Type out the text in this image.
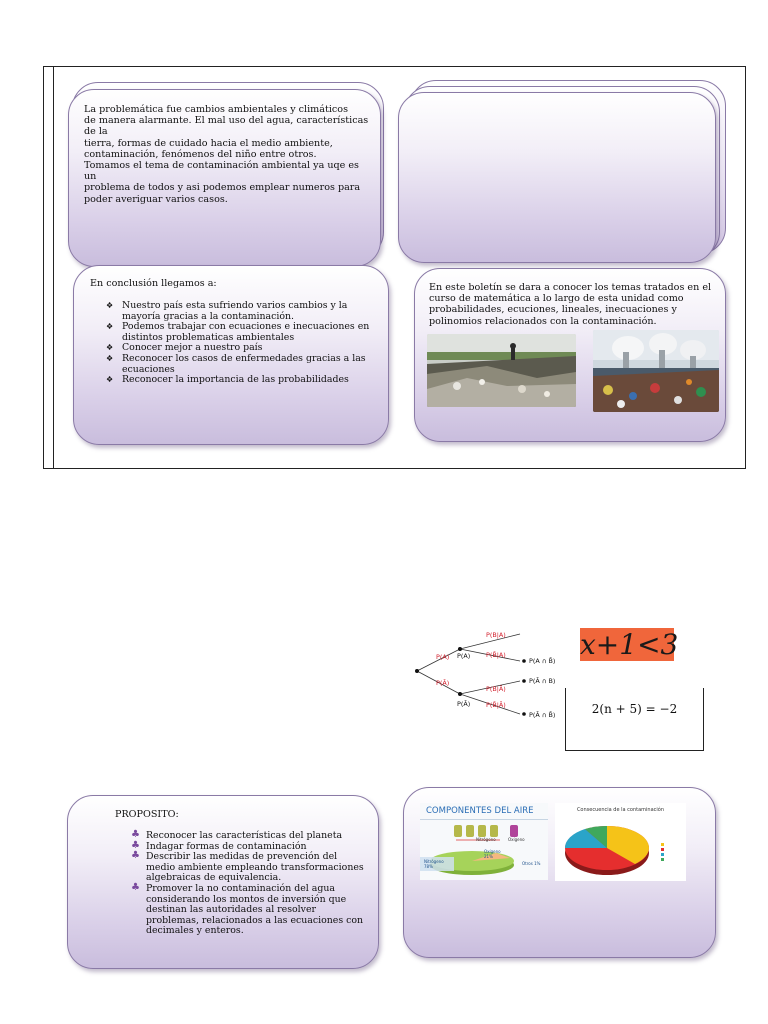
La problemática fue cambios ambientales y climáticos
de manera alarmante. El mal uso del agua, características de la
tierra, formas de cuidado hacia el medio ambiente,
contaminación, fenómenos del niño entre otros.
Tomamos el tema de contaminación ambiental ya uqe es un
problema de todos y asi podemos emplear numeros para
poder averiguar varios casos.
En conclusión llegamos a:
❖ Nuestro país esta sufriendo varios cambios y la mayoría gracias a la contaminación.
❖ Podemos trabajar con ecuaciones e inecuaciones en distintos problematicas ambientales
❖ Conocer mejor a nuestro país
❖ Reconocer los casos de enfermedades gracias a las ecuaciones
❖ Reconocer la importancia de las probabilidades
En este boletín se dara a conocer los temas tratados en el curso de matemática a lo largo de esta unidad como probabilidades, ecuciones, lineales, inecuaciones y polinomios relacionados con la contaminación.
P(A)
P(Ā)
P(A)
P(Ā)
P(B|A)
P(B̄|A)
P(B|Ā)
P(B̄|Ā)
P(A ∩ B̄)
P(Ā ∩ B)
P(Ā ∩ B̄)
x+1<3
2(n + 5) = −2
PROPOSITO:
♣ Reconocer las características del planeta
♣ Indagar formas de contaminación
♣ Describir las medidas de prevención del medio ambiente empleando transformaciones algebraicas de equivalencia.
♣ Promover la no contaminación del agua considerando los montos de inversión que destinan las autoridades al resolver problemas, relacionados a las ecuaciones con decimales y enteros.
COMPONENTES DEL AIRE
Nitrógeno	Oxígeno
Nitrógeno 78%
Oxígeno 21%
Otros 1%
Consecuencia de la contaminación
